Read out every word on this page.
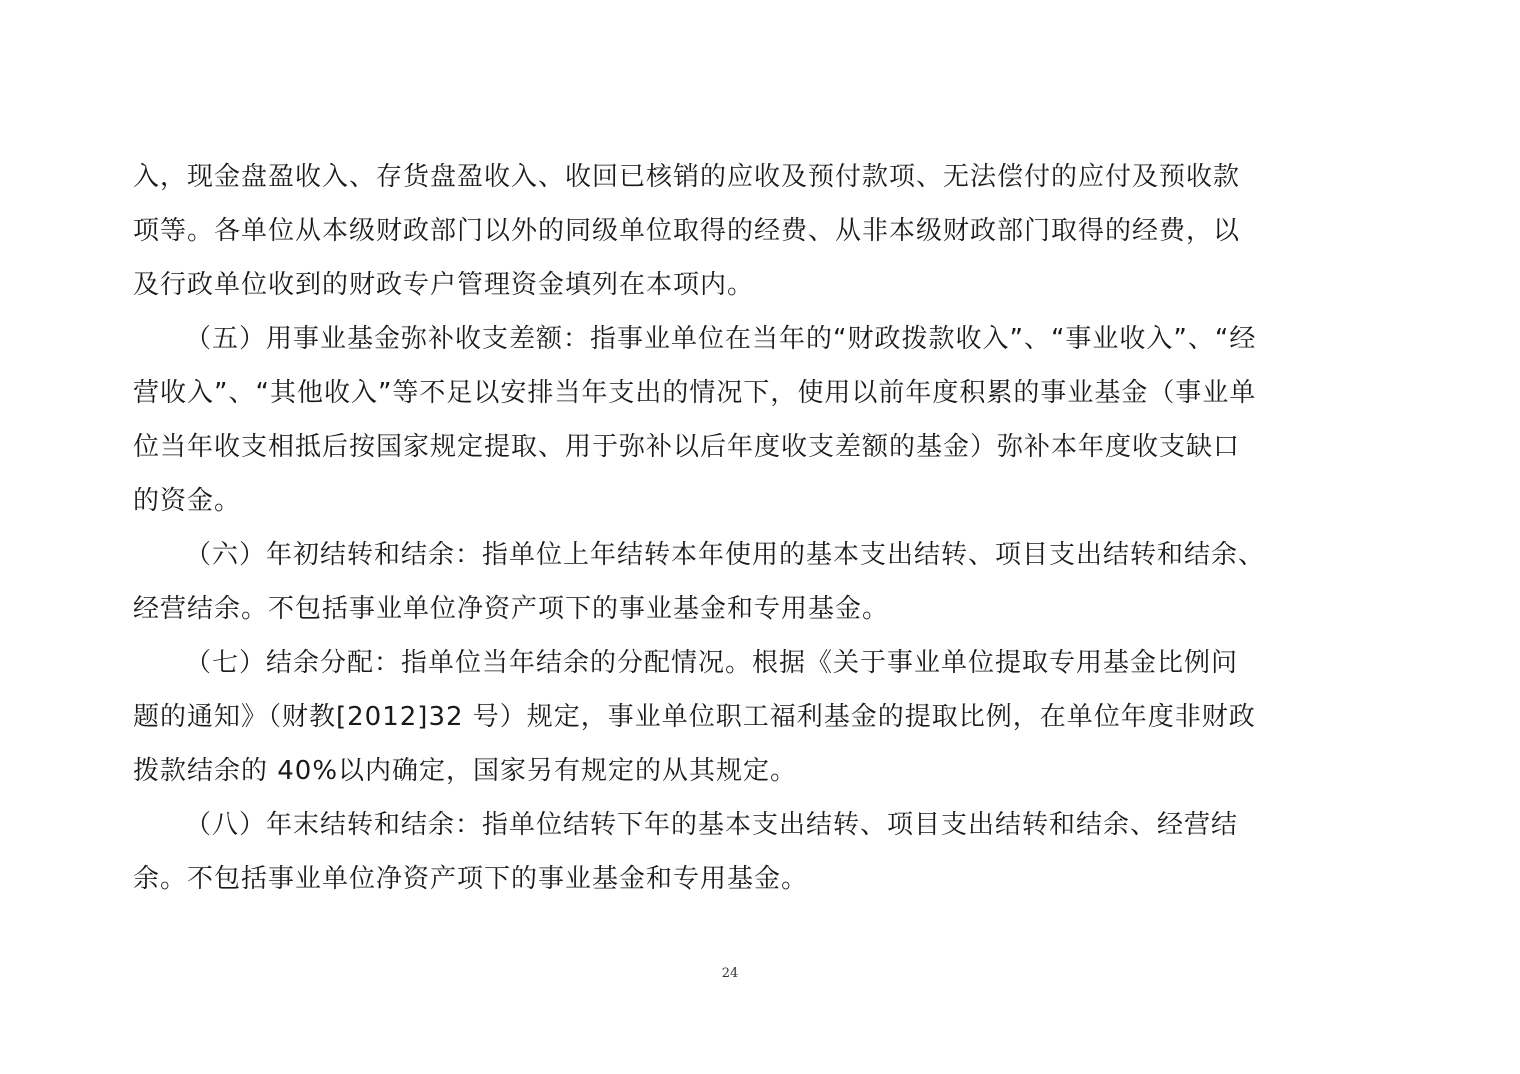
入，现金盘盈收入、存货盘盈收入、收回已核销的应收及预付款项、无法偿付的应付及预收款
项等。各单位从本级财政部门以外的同级单位取得的经费、从非本级财政部门取得的经费，以
及行政单位收到的财政专户管理资金填列在本项内。
（五）用事业基金弥补收支差额：指事业单位在当年的“财政拨款收入”、“事业收入”、“经
营收入”、“其他收入”等不足以安排当年支出的情况下，使用以前年度积累的事业基金（事业单
位当年收支相抵后按国家规定提取、用于弥补以后年度收支差额的基金）弥补本年度收支缺口
的资金。
（六）年初结转和结余：指单位上年结转本年使用的基本支出结转、项目支出结转和结余、
经营结余。不包括事业单位净资产项下的事业基金和专用基金。
（七）结余分配：指单位当年结余的分配情况。根据《关于事业单位提取专用基金比例问
题的通知》（财教[2012]32 号）规定，事业单位职工福利基金的提取比例，在单位年度非财政
拨款结余的 40%以内确定，国家另有规定的从其规定。
（八）年末结转和结余：指单位结转下年的基本支出结转、项目支出结转和结余、经营结
余。不包括事业单位净资产项下的事业基金和专用基金。
24
